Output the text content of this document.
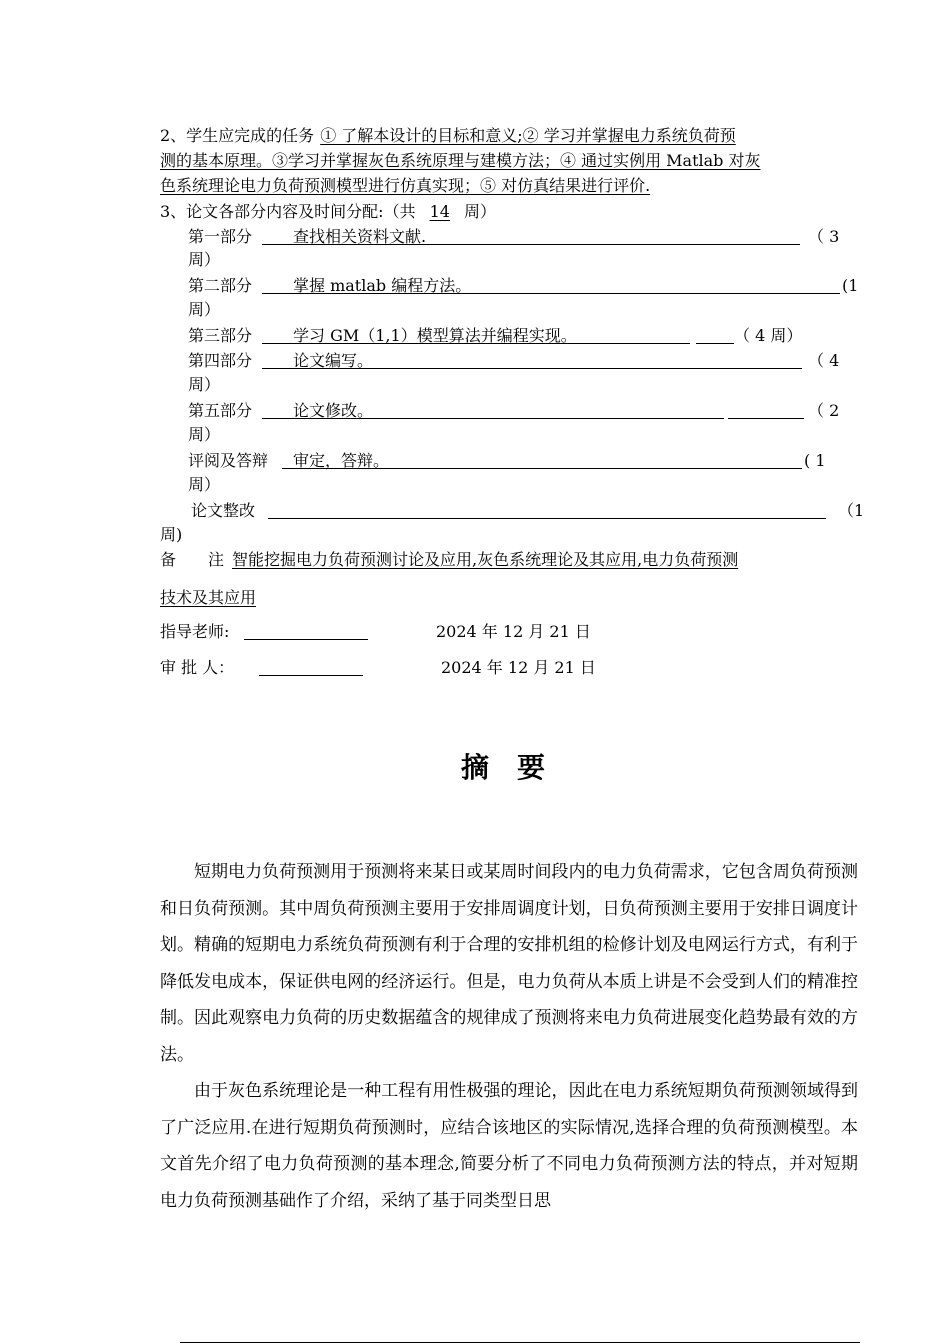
2、学生应完成的任务 ① 了解本设计的目标和意义;② 学习并掌握电力系统负荷预
测的基本原理。③学习并掌握灰色系统原理与建模方法；④ 通过实例用 Matlab 对灰
色系统理论电力负荷预测模型进行仿真实现；⑤ 对仿真结果进行评价.
3、论文各部分内容及时间分配:（共 14 周）
第一部分	查找相关资料文献.	（ 3
周）
第二部分	掌握 matlab 编程方法。	(1
周）
第三部分	学习 GM（1,1）模型算法并编程实现。	（ 4 周）
第四部分	论文编写。	（ 4
周）
第五部分	论文修改。	（ 2
周）
评阅及答辩 审定，答辩。	( 1
周）
论文整改	（1
周)
备　　注 智能挖掘电力负荷预测讨论及应用,灰色系统理论及其应用,电力负荷预测
技术及其应用
指导老师:	2024 年 12 月 21 日
审 批 人：	2024 年 12 月 21 日
摘要

短期电力负荷预测用于预测将来某日或某周时间段内的电力负荷需求，它包含周负荷预测和日负荷预测。其中周负荷预测主要用于安排周调度计划，日负荷预测主要用于安排日调度计划。精确的短期电力系统负荷预测有利于合理的安排机组的检修计划及电网运行方式，有利于降低发电成本，保证供电网的经济运行。但是，电力负荷从本质上讲是不会受到人们的精准控制。因此观察电力负荷的历史数据蕴含的规律成了预测将来电力负荷进展变化趋势最有效的方法。

由于灰色系统理论是一种工程有用性极强的理论，因此在电力系统短期负荷预测领域得到了广泛应用.在进行短期负荷预测时，应结合该地区的实际情况,选择合理的负荷预测模型。本文首先介绍了电力负荷预测的基本理念,简要分析了不同电力负荷预测方法的特点，并对短期电力负荷预测基础作了介绍，采纳了基于同类型日思
